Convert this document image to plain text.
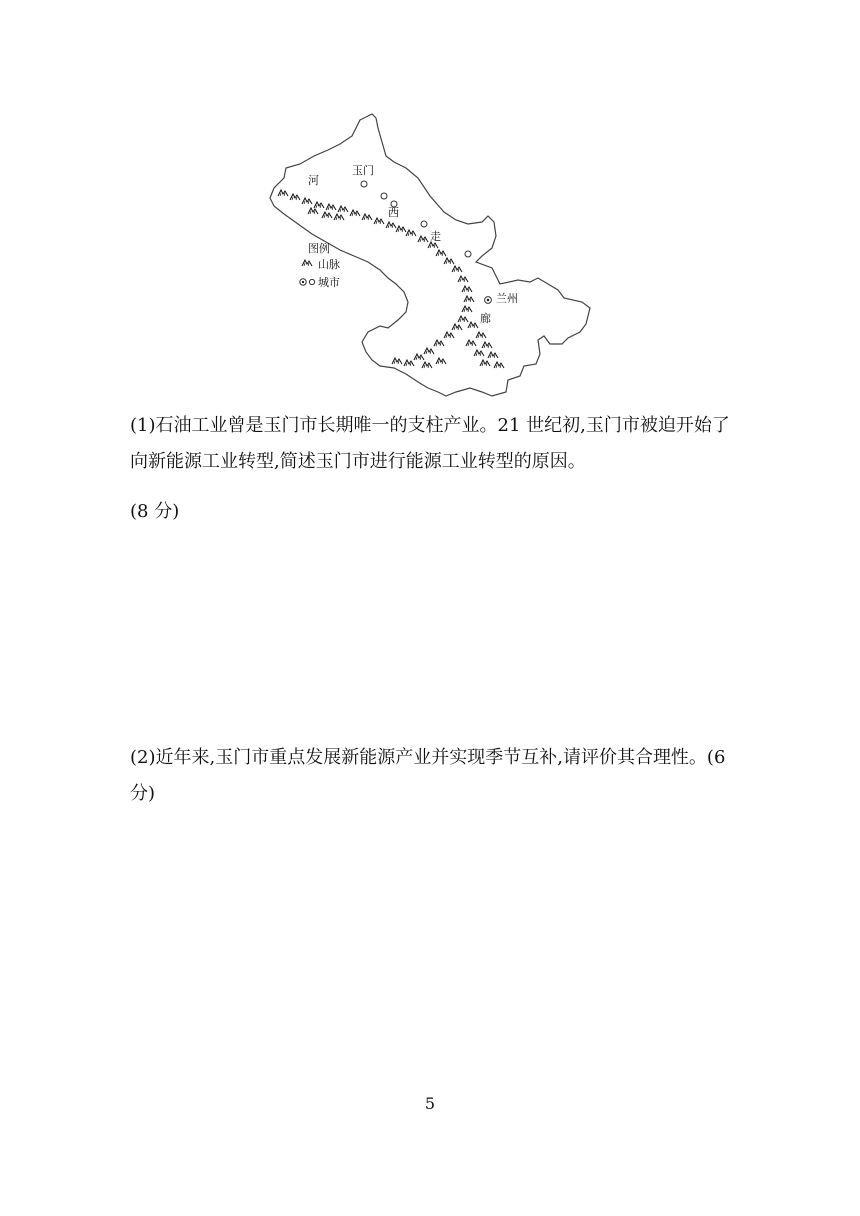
河
玉门
西
走
兰州
廊
图例
山脉
城市
(1)石油工业曾是玉门市长期唯一的支柱产业。21 世纪初,玉门市被迫开始了向新能源工业转型,简述玉门市进行能源工业转型的原因。
(8 分)
(2)近年来,玉门市重点发展新能源产业并实现季节互补,请评价其合理性。(6 分)
5
